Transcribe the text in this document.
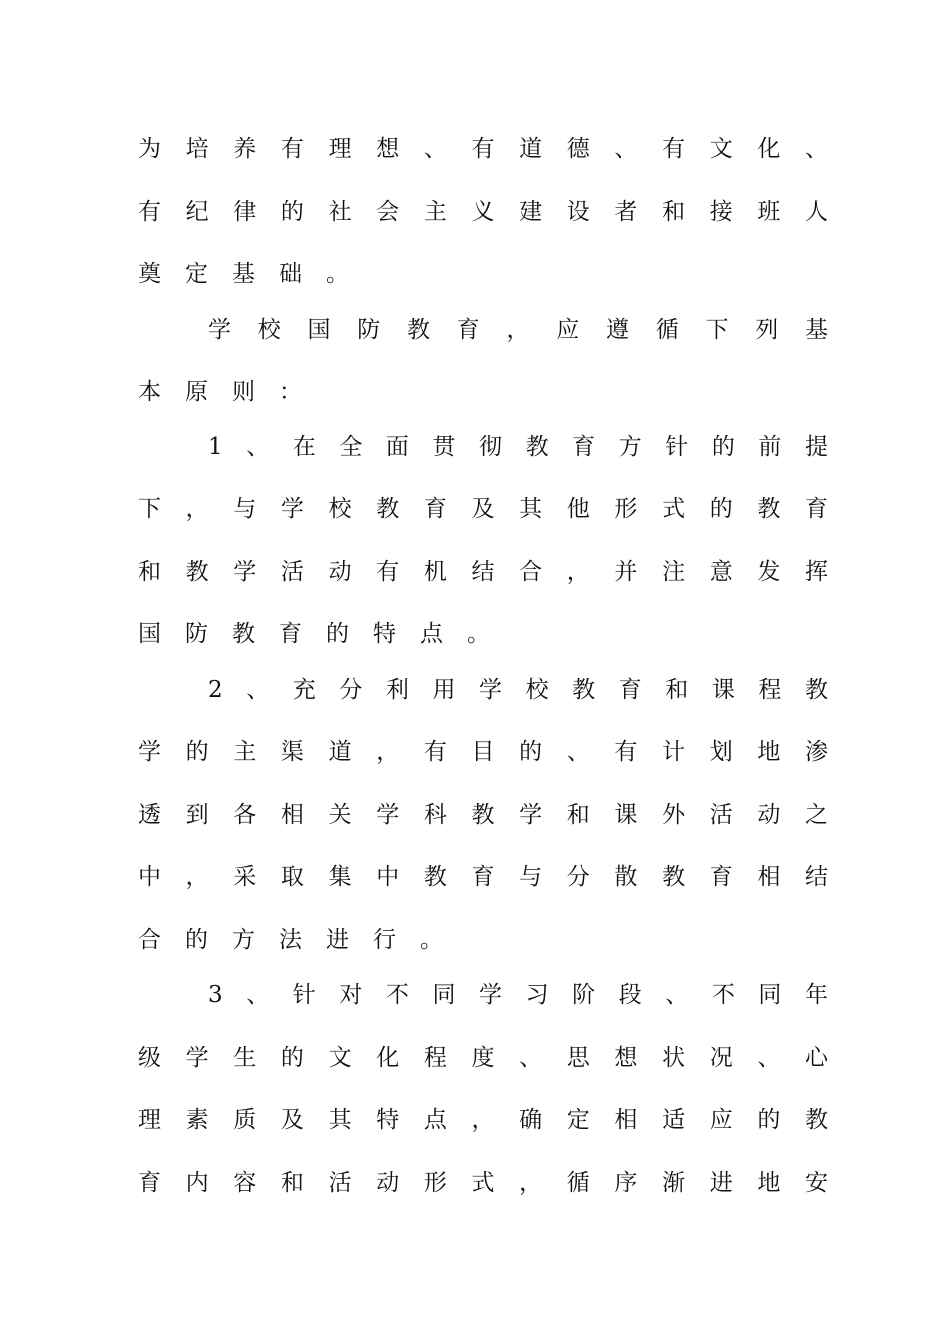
为培养有理想、有道德、有文化、
有纪律的社会主义建设者和接班人
奠定基础。
学校国防教育，应遵循下列基
本原则：
1、在全面贯彻教育方针的前提
下，与学校教育及其他形式的教育
和教学活动有机结合，并注意发挥
国防教育的特点。
2、充分利用学校教育和课程教
学的主渠道，有目的、有计划地渗
透到各相关学科教学和课外活动之
中，采取集中教育与分散教育相结
合的方法进行。
3、针对不同学习阶段、不同年
级学生的文化程度、思想状况、心
理素质及其特点，确定相适应的教
育内容和活动形式，循序渐进地安
